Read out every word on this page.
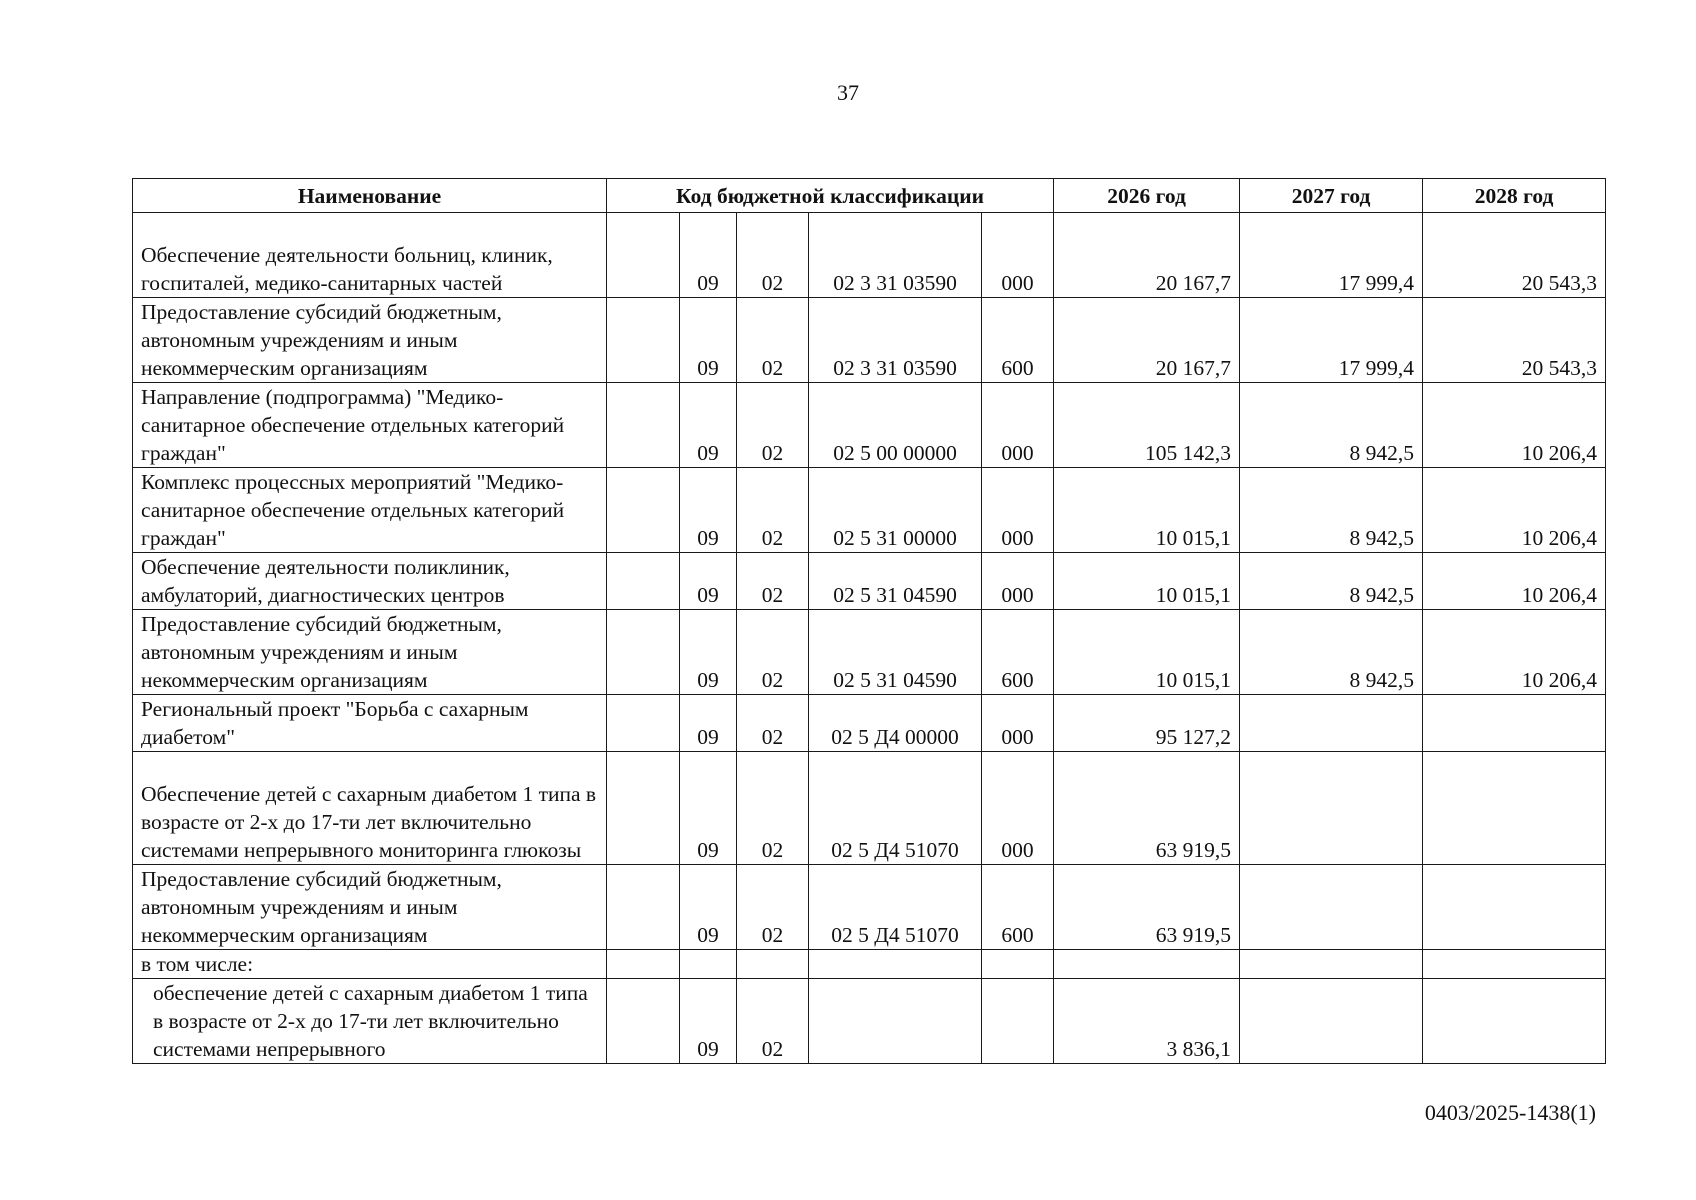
37
Наименование	Код бюджетной классификации					2026 год	2027 год	2028 год
Обеспечение деятельности больниц, клиник, госпиталей, медико-санитарных частей		09	02	02 3 31 03590	000	20 167,7	17 999,4	20 543,3
Предоставление субсидий бюджетным, автономным учреждениям и иным некоммерческим организациям		09	02	02 3 31 03590	600	20 167,7	17 999,4	20 543,3
Направление (подпрограмма) "Медико-санитарное обеспечение отдельных категорий граждан"		09	02	02 5 00 00000	000	105 142,3	8 942,5	10 206,4
Комплекс процессных мероприятий "Медико-санитарное обеспечение отдельных категорий граждан"		09	02	02 5 31 00000	000	10 015,1	8 942,5	10 206,4
Обеспечение деятельности поликлиник, амбулаторий, диагностических центров		09	02	02 5 31 04590	000	10 015,1	8 942,5	10 206,4
Предоставление субсидий бюджетным, автономным учреждениям и иным некоммерческим организациям		09	02	02 5 31 04590	600	10 015,1	8 942,5	10 206,4
Региональный проект "Борьба с сахарным диабетом"		09	02	02 5 Д4 00000	000	95 127,2		
Обеспечение детей с сахарным диабетом 1 типа в возрасте от 2-х до 17-ти лет включительно системами непрерывного мониторинга глюкозы		09	02	02 5 Д4 51070	000	63 919,5		
Предоставление субсидий бюджетным, автономным учреждениям и иным некоммерческим организациям		09	02	02 5 Д4 51070	600	63 919,5		
в том числе:								
обеспечение детей с сахарным диабетом 1 типа в возрасте от 2-х до 17-ти лет включительно системами непрерывного		09	02			3 836,1		
0403/2025-1438(1)
